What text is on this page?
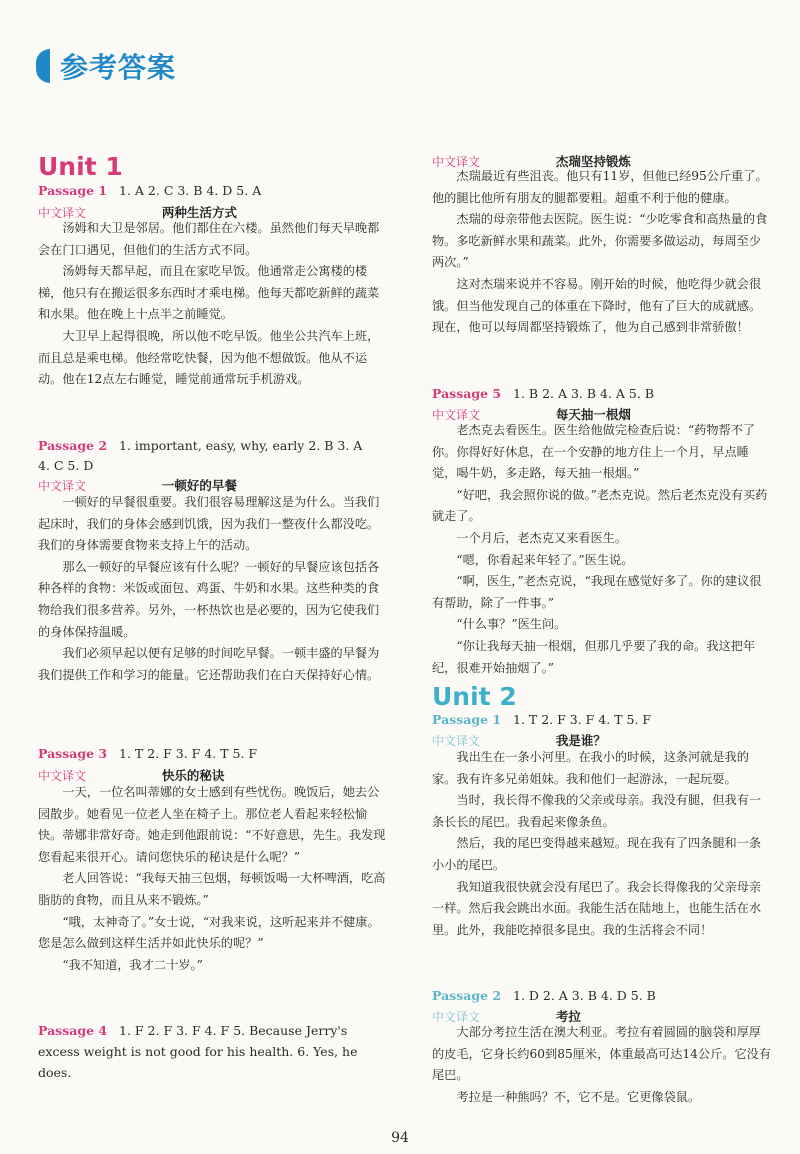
参考答案
Unit 1
Passage 1 1. A 2. C 3. B 4. D 5. A
中文译文	两种生活方式

汤姆和大卫是邻居。他们都住在六楼。虽然他们每天早晚都会在门口遇见，但他们的生活方式不同。

汤姆每天都早起，而且在家吃早饭。他通常走公寓楼的楼梯，他只有在搬运很多东西时才乘电梯。他每天都吃新鲜的蔬菜和水果。他在晚上十点半之前睡觉。

大卫早上起得很晚，所以他不吃早饭。他坐公共汽车上班，而且总是乘电梯。他经常吃快餐，因为他不想做饭。他从不运动。他在12点左右睡觉，睡觉前通常玩手机游戏。

Passage 2 1. important, easy, why, early 2. B 3. A
4. C 5. D
中文译文	一顿好的早餐

一顿好的早餐很重要。我们很容易理解这是为什么。当我们起床时，我们的身体会感到饥饿，因为我们一整夜什么都没吃。我们的身体需要食物来支持上午的活动。

那么一顿好的早餐应该有什么呢？一顿好的早餐应该包括各种各样的食物：米饭或面包、鸡蛋、牛奶和水果。这些种类的食物给我们很多营养。另外，一杯热饮也是必要的，因为它使我们的身体保持温暖。

我们必须早起以便有足够的时间吃早餐。一顿丰盛的早餐为我们提供工作和学习的能量。它还帮助我们在白天保持好心情。

Passage 3 1. T 2. F 3. F 4. T 5. F
中文译文	快乐的秘诀

一天，一位名叫蒂娜的女士感到有些忧伤。晚饭后，她去公园散步。她看见一位老人坐在椅子上。那位老人看起来轻松愉快。蒂娜非常好奇。她走到他跟前说：“不好意思，先生。我发现您看起来很开心。请问您快乐的秘诀是什么呢？”

老人回答说：“我每天抽三包烟，每顿饭喝一大杯啤酒，吃高脂肪的食物，而且从来不锻炼。”

“哦，太神奇了。”女士说，“对我来说，这听起来并不健康。您是怎么做到这样生活并如此快乐的呢？”

“我不知道，我才二十岁。”

Passage 4 1. F 2. F 3. F 4. F 5. Because Jerry's excess weight is not good for his health. 6. Yes, he does.

中文译文	杰瑞坚持锻炼

杰瑞最近有些沮丧。他只有11岁，但他已经95公斤重了。他的腿比他所有朋友的腿都要粗。超重不利于他的健康。

杰瑞的母亲带他去医院。医生说：“少吃零食和高热量的食物。多吃新鲜水果和蔬菜。此外，你需要多做运动，每周至少两次。”

这对杰瑞来说并不容易。刚开始的时候，他吃得少就会很饿。但当他发现自己的体重在下降时，他有了巨大的成就感。现在，他可以每周都坚持锻炼了，他为自己感到非常骄傲！

Passage 5 1. B 2. A 3. B 4. A 5. B
中文译文	每天抽一根烟

老杰克去看医生。医生给他做完检查后说：“药物帮不了你。你得好好休息，在一个安静的地方住上一个月，早点睡觉，喝牛奶，多走路，每天抽一根烟。”

“好吧，我会照你说的做。”老杰克说。然后老杰克没有买药就走了。

一个月后，老杰克又来看医生。

“嗯，你看起来年轻了。”医生说。

“啊，医生，”老杰克说，“我现在感觉好多了。你的建议很有帮助，除了一件事。”

“什么事？”医生问。

“你让我每天抽一根烟，但那几乎要了我的命。我这把年纪，很难开始抽烟了。”

Unit 2
Passage 1 1. T 2. F 3. F 4. T 5. F
中文译文	我是谁？

我出生在一条小河里。在我小的时候，这条河就是我的家。我有许多兄弟姐妹。我和他们一起游泳，一起玩耍。

当时，我长得不像我的父亲或母亲。我没有腿，但我有一条长长的尾巴。我看起来像条鱼。

然后，我的尾巴变得越来越短。现在我有了四条腿和一条小小的尾巴。

我知道我很快就会没有尾巴了。我会长得像我的父亲母亲一样。然后我会跳出水面。我能生活在陆地上，也能生活在水里。此外，我能吃掉很多昆虫。我的生活将会不同！

Passage 2 1. D 2. A 3. B 4. D 5. B
中文译文	考拉

大部分考拉生活在澳大利亚。考拉有着圆圆的脑袋和厚厚的皮毛，它身长约60到85厘米，体重最高可达14公斤。它没有尾巴。

考拉是一种熊吗？不，它不是。它更像袋鼠。

94
